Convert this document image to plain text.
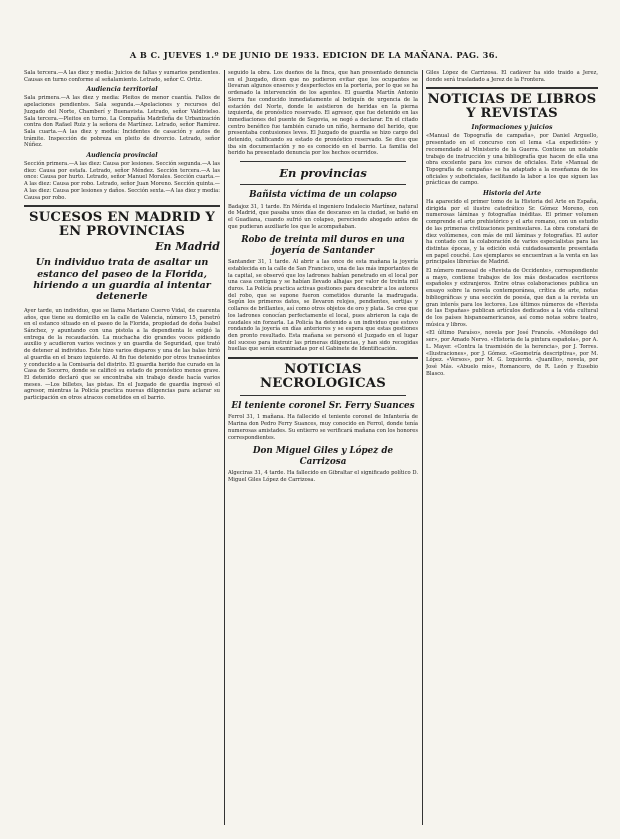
A B C. JUEVES 1.º DE JUNIO DE 1933. EDICION DE LA MAÑANA. PAG. 36.
Sala tercera.—A las diez y media: Juicios de faltas y sumarios pendientes. Causas en turno conforme al señalamiento. Letrado, señor C. Ortiz.
Audiencia territorial
Sala primera.—A las diez y media: Pleitos de menor cuantía. Fallos de apelaciones pendientes. Sala segunda.—Apelaciones y recursos del Juzgado del Norte, Chamberí y Buenavista. Letrado, señor Valdivielso. Sala tercera.—Pleitos en turno. La Compañía Madrileña de Urbanización contra don Rafael Ruiz y la señora de Martínez. Letrado, señor Ramírez. Sala cuarta.—A las diez y media: Incidentes de casación y autos de trámite. Inspección de pobreza en pleito de divorcio. Letrado, señor Núñez.
Audiencia provincial
Sección primera.—A las diez: Causa por lesiones. Sección segunda.—A las diez: Causa por estafa. Letrado, señor Méndez. Sección tercera.—A las once: Causa por hurto. Letrado, señor Manuel Morales. Sección cuarta.—A las diez: Causa por robo. Letrado, señor Juan Moreno. Sección quinta.—A las diez: Causa por lesiones y daños. Sección sexta.—A las diez y media: Causa por robo.
SUCESOS EN MADRID Y EN PROVINCIAS
En Madrid
Un individuo trata de asaltar un estanco del paseo de la Florida, hiriendo a un guardia al intentar detenerle
Ayer tarde, un individuo, que se llama Mariano Cuervo Vidal, de cuarenta años, que tiene su domicilio en la calle de Valencia, número 15, penetró en el estanco situado en el paseo de la Florida, propiedad de doña Isabel Sánchez, y apuntando con una pistola a la dependienta le exigió la entrega de la recaudación. La muchacha dio grandes voces pidiendo auxilio y acudieron varios vecinos y un guardia de Seguridad, que trató de detener al individuo. Este hizo varios disparos y una de las balas hirió al guardia en el brazo izquierdo. Al fin fue detenido por otros transeúntes y conducido a la Comisaría del distrito. El guardia herido fue curado en la Casa de Socorro, donde se calificó su estado de pronóstico menos grave. El detenido declaró que se encontraba sin trabajo desde hacía varios meses. —Los billetes, las pistas. En el Juzgado de guardia ingresó el agresor, mientras la Policía practica nuevas diligencias para aclarar su participación en otros atracos cometidos en el barrio.
seguido la obra. Los dueños de la finca, que han presentado denuncia en el Juzgado, dicen que no pudieron evitar que los ocupantes se llevaran algunos enseres y desperfectos en la portería, por lo que se ha ordenado la intervención de los agentes. El guardia Martín Antonio Sierra fue conducido inmediatamente al botiquín de urgencia de la estación del Norte, donde le asistieron de heridas en la pierna izquierda, de pronóstico reservado. El agresor, que fue detenido en las inmediaciones del puente de Segovia, se negó a declarar. En el citado centro benéfico fue también curado un niño, hermano del herido, que presentaba contusiones leves. El Juzgado de guardia se hizo cargo del detenido, calificando su estado de pronóstico reservado. Se dice que iba sin documentación y no es conocido en el barrio. La familia del herido ha presentado denuncia por los hechos ocurridos.
En provincias
Bañista víctima de un colapso
Badajoz 31, 1 tarde. En Mérida el ingeniero Indalecio Martínez, natural de Madrid, que pasaba unos días de descanso en la ciudad, se bañó en el Guadiana, cuando sufrió un colapso, pereciendo ahogado antes de que pudieran auxiliarle los que le acompañaban.
Robo de treinta mil duros en una joyería de Santander
Santander 31, 1 tarde. Al abrir a las once de esta mañana la joyería establecida en la calle de San Francisco, una de las más importantes de la capital, se observó que los ladrones habían penetrado en el local por una casa contigua y se habían llevado alhajas por valor de treinta mil duros. La Policía practica activas gestiones para descubrir a los autores del robo, que se supone fueron cometidos durante la madrugada. Según los primeros datos, se llevaron relojes, pendientes, sortijas y collares de brillantes, así como otros objetos de oro y plata. Se cree que los ladrones conocían perfectamente el local, pues abrieron la caja de caudales sin forzarla. La Policía ha detenido a un individuo que estuvo rondando la joyería en días anteriores y se espera que estas gestiones den pronto resultado. Esta mañana se personó el Juzgado en el lugar del suceso para instruir las primeras diligencias, y han sido recogidas huellas que serán examinadas por el Gabinete de Identificación.
NOTICIAS NECROLOGICAS
El teniente coronel Sr. Ferry Suances
Ferrol 31, 1 mañana. Ha fallecido el teniente coronel de Infantería de Marina don Pedro Ferry Suances, muy conocido en Ferrol, donde tenía numerosas amistades. Su entierro se verificará mañana con los honores correspondientes.
Don Miguel Giles y López de Carrizosa
Algeciras 31, 4 tarde. Ha fallecido en Gibraltar el significado político D. Miguel Giles López de Carrizosa.
Giles López de Carrizosa. El cadáver ha sido traído a Jerez, donde será trasladado a Jerez de la Frontera.
NOTICIAS DE LIBROS Y REVISTAS
Informaciones y juicios
«Manual de Topografía de campaña», por Daniel Arguello, presentado en el concurso con el lema «La expedición» y recomendado al Ministerio de la Guerra. Contiene un notable trabajo de instrucción y una bibliografía que hacen de ella una obra excelente para los cursos de oficiales. Este «Manual de Topografía de campaña» se ha adaptado a la enseñanza de los oficiales y suboficiales, facilitando la labor a los que siguen las prácticas de campo.
Historia del Arte
Ha aparecido el primer tomo de la Historia del Arte en España, dirigida por el ilustre catedrático Sr. Gómez Moreno, con numerosas láminas y fotografías inéditas. El primer volumen comprende el arte prehistórico y el arte romano, con un estudio de las primeras civilizaciones peninsulares. La obra constará de diez volúmenes, con más de mil láminas y fotografías. El autor ha contado con la colaboración de varios especialistas para las distintas épocas, y la edición está cuidadosamente presentada en papel couché. Los ejemplares se encuentran a la venta en las principales librerías de Madrid.
El número mensual de «Revista de Occidente», correspondiente a mayo, contiene trabajos de los más destacados escritores españoles y extranjeros. Entre otras colaboraciones publica un ensayo sobre la novela contemporánea, crítica de arte, notas bibliográficas y una sección de poesía, que dan a la revista un gran interés para los lectores. Los últimos números de «Revista de las Españas» publican artículos dedicados a la vida cultural de los países hispanoamericanos, así como notas sobre teatro, música y libros.
«El último Paraíso», novela por José Francés. «Monólogo del ser», por Amado Nervo. «Historia de la pintura española», por A. L. Mayer. «Contra la trasmisión de la herencia», por J. Torres. «Ilustraciones», por J. Gómez. «Geometría descriptiva», por M. López. «Versos», por M. G. Izquierdo. «Juanillo», novela, por José Más. «Abuelo mío», Romancero, de R. León y Eusebio Blasco.
